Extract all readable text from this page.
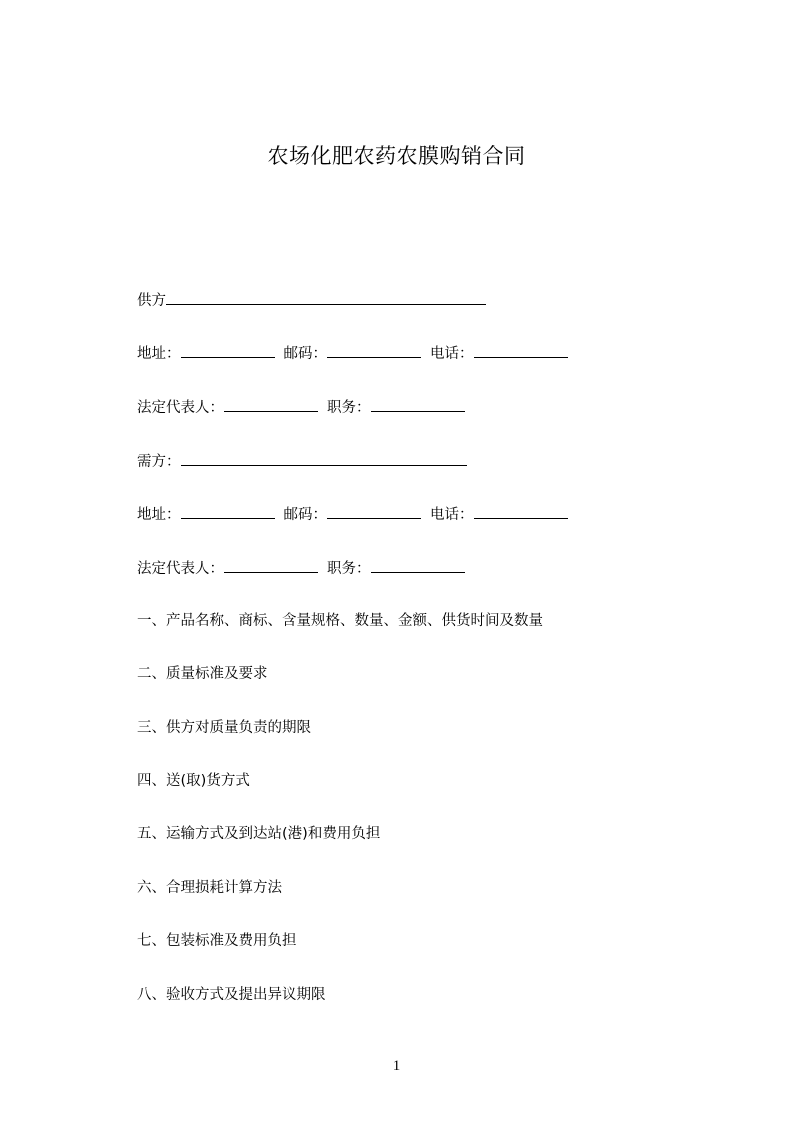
农场化肥农药农膜购销合同
供方
地址：	邮码：	电话：
法定代表人：	职务：
需方：
地址：	邮码：	电话：
法定代表人：	职务：
一、产品名称、商标、含量规格、数量、金额、供货时间及数量
二、质量标准及要求
三、供方对质量负责的期限
四、送(取)货方式
五、运输方式及到达站(港)和费用负担
六、合理损耗计算方法
七、包装标准及费用负担
八、验收方式及提出异议期限
1
